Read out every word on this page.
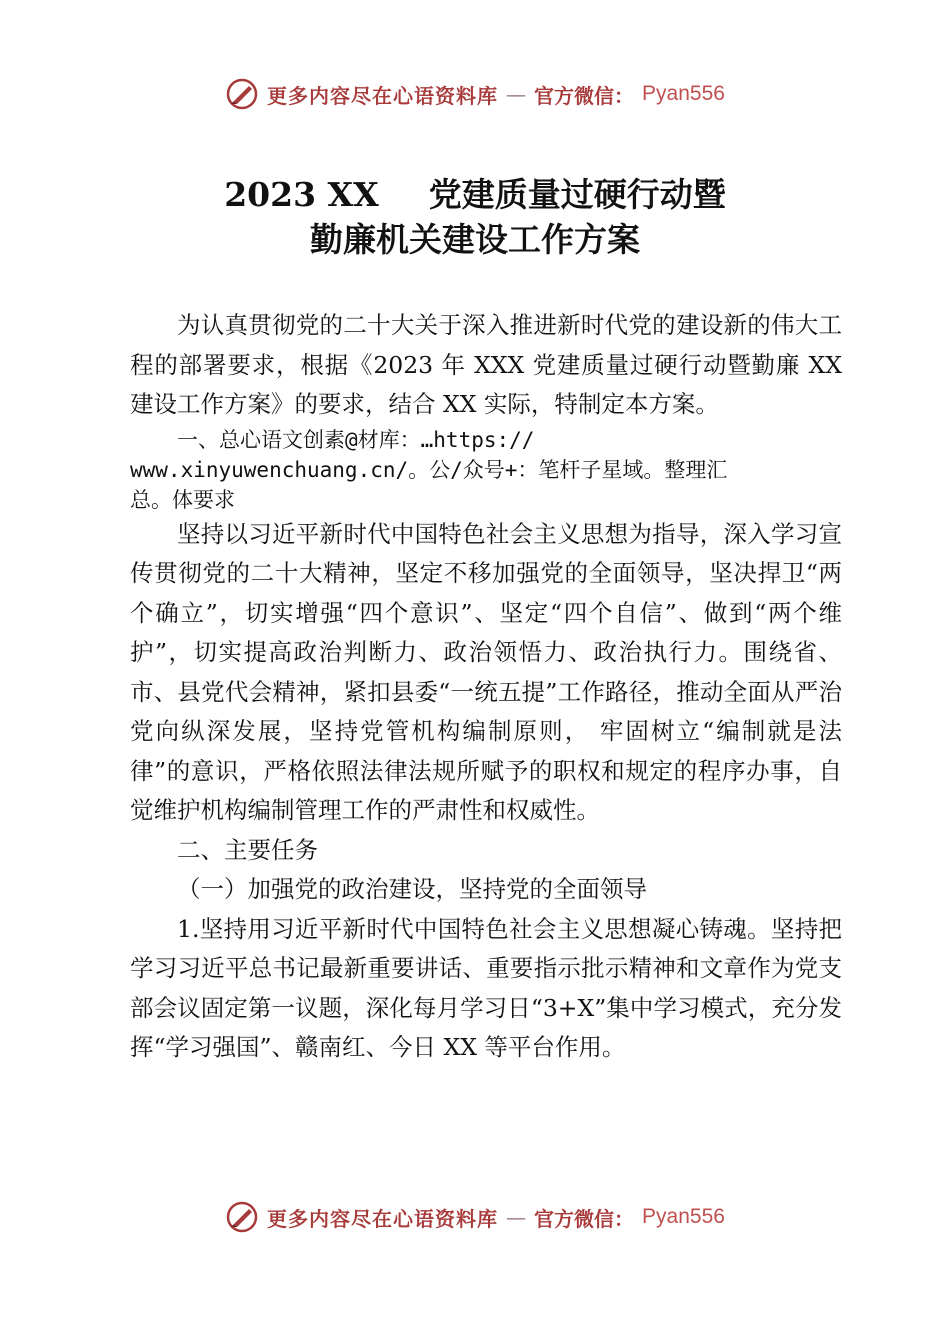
更多内容尽在心语资料库 — 官方微信： Pyan556
2023 XX 党建质量过硬行动暨
勤廉机关建设工作方案

为认真贯彻党的二十大关于深入推进新时代党的建设新的伟大工程的部署要求，根据《2023 年 XXX 党建质量过硬行动暨勤廉 XX 建设工作方案》的要求，结合 XX 实际，特制定本方案。

一、总心语文创素@材库：…https://
www.xinyuwenchuang.cn/。公/众号+：笔杆子星域。整理汇
总。体要求

坚持以习近平新时代中国特色社会主义思想为指导，深入学习宣传贯彻党的二十大精神，坚定不移加强党的全面领导，坚决捍卫“两个确立”，切实增强“四个意识”、坚定“四个自信”、做到“两个维护”，切实提高政治判断力、政治领悟力、政治执行力。围绕省、市、县党代会精神，紧扣县委“一统五提”工作路径，推动全面从严治党向纵深发展，坚持党管机构编制原则， 牢固树立“编制就是法律”的意识，严格依照法律法规所赋予的职权和规定的程序办事，自觉维护机构编制管理工作的严肃性和权威性。

二、主要任务

（一）加强党的政治建设，坚持党的全面领导

1.坚持用习近平新时代中国特色社会主义思想凝心铸魂。坚持把学习习近平总书记最新重要讲话、重要指示批示精神和文章作为党支部会议固定第一议题，深化每月学习日“3+X”集中学习模式，充分发挥“学习强国”、赣南红、今日 XX 等平台作用。

更多内容尽在心语资料库 — 官方微信： Pyan556
